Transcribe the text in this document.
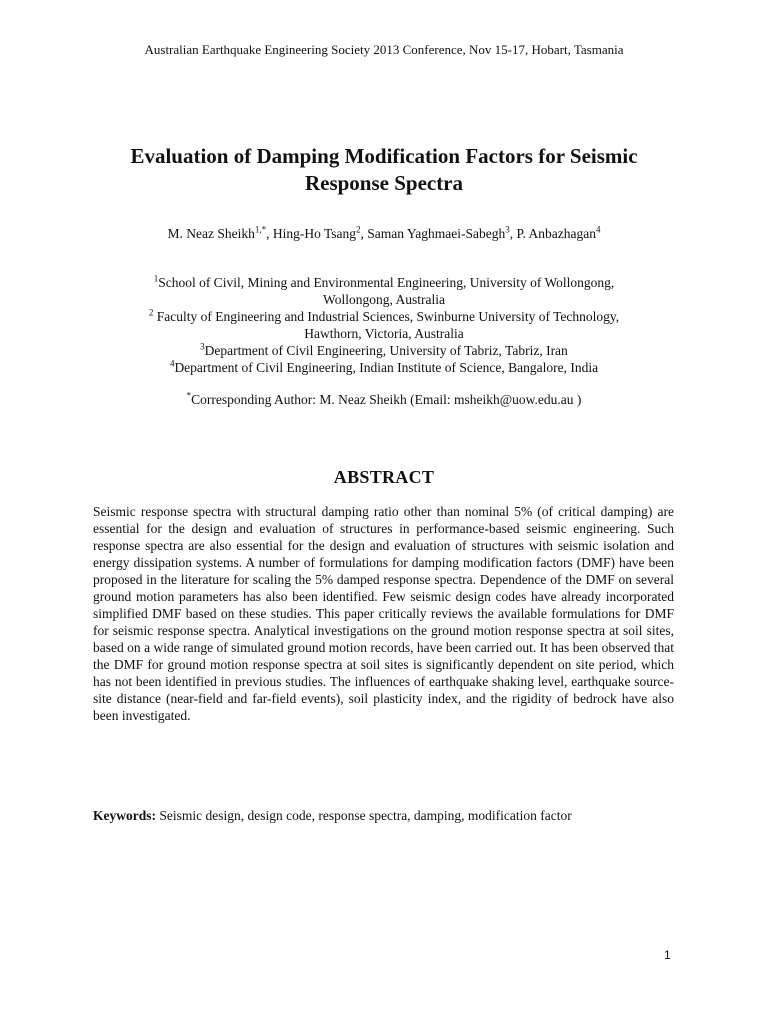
Australian Earthquake Engineering Society 2013 Conference, Nov 15-17, Hobart, Tasmania
Evaluation of Damping Modification Factors for Seismic
Response Spectra
M. Neaz Sheikh$^{1,*}$, Hing-Ho Tsang$^2$, Saman Yaghmaei-Sabegh$^3$, P. Anbazhagan$^4$

$^1$School of Civil, Mining and Environmental Engineering, University of Wollongong,

Wollongong, Australia

$^2$ Faculty of Engineering and Industrial Sciences, Swinburne University of Technology,

Hawthorn, Victoria, Australia

$^3$Department of Civil Engineering, University of Tabriz, Tabriz, Iran

$^4$Department of Civil Engineering, Indian Institute of Science, Bangalore, India

*Corresponding Author: M. Neaz Sheikh (Email: msheikh@uow.edu.au )
ABSTRACT

Seismic response spectra with structural damping ratio other than nominal 5% (of critical damping) are essential for the design and evaluation of structures in performance-based seismic engineering. Such response spectra are also essential for the design and evaluation of structures with seismic isolation and energy dissipation systems. A number of formulations for damping modification factors (DMF) have been proposed in the literature for scaling the 5% damped response spectra. Dependence of the DMF on several ground motion parameters has also been identified. Few seismic design codes have already incorporated simplified DMF based on these studies. This paper critically reviews the available formulations for DMF for seismic response spectra. Analytical investigations on the ground motion response spectra at soil sites, based on a wide range of simulated ground motion records, have been carried out. It has been observed that the DMF for ground motion response spectra at soil sites is significantly dependent on site period, which has not been identified in previous studies. The influences of earthquake shaking level, earthquake source-site distance (near-field and far-field events), soil plasticity index, and the rigidity of bedrock have also been investigated.

Keywords: Seismic design, design code, response spectra, damping, modification factor
1
